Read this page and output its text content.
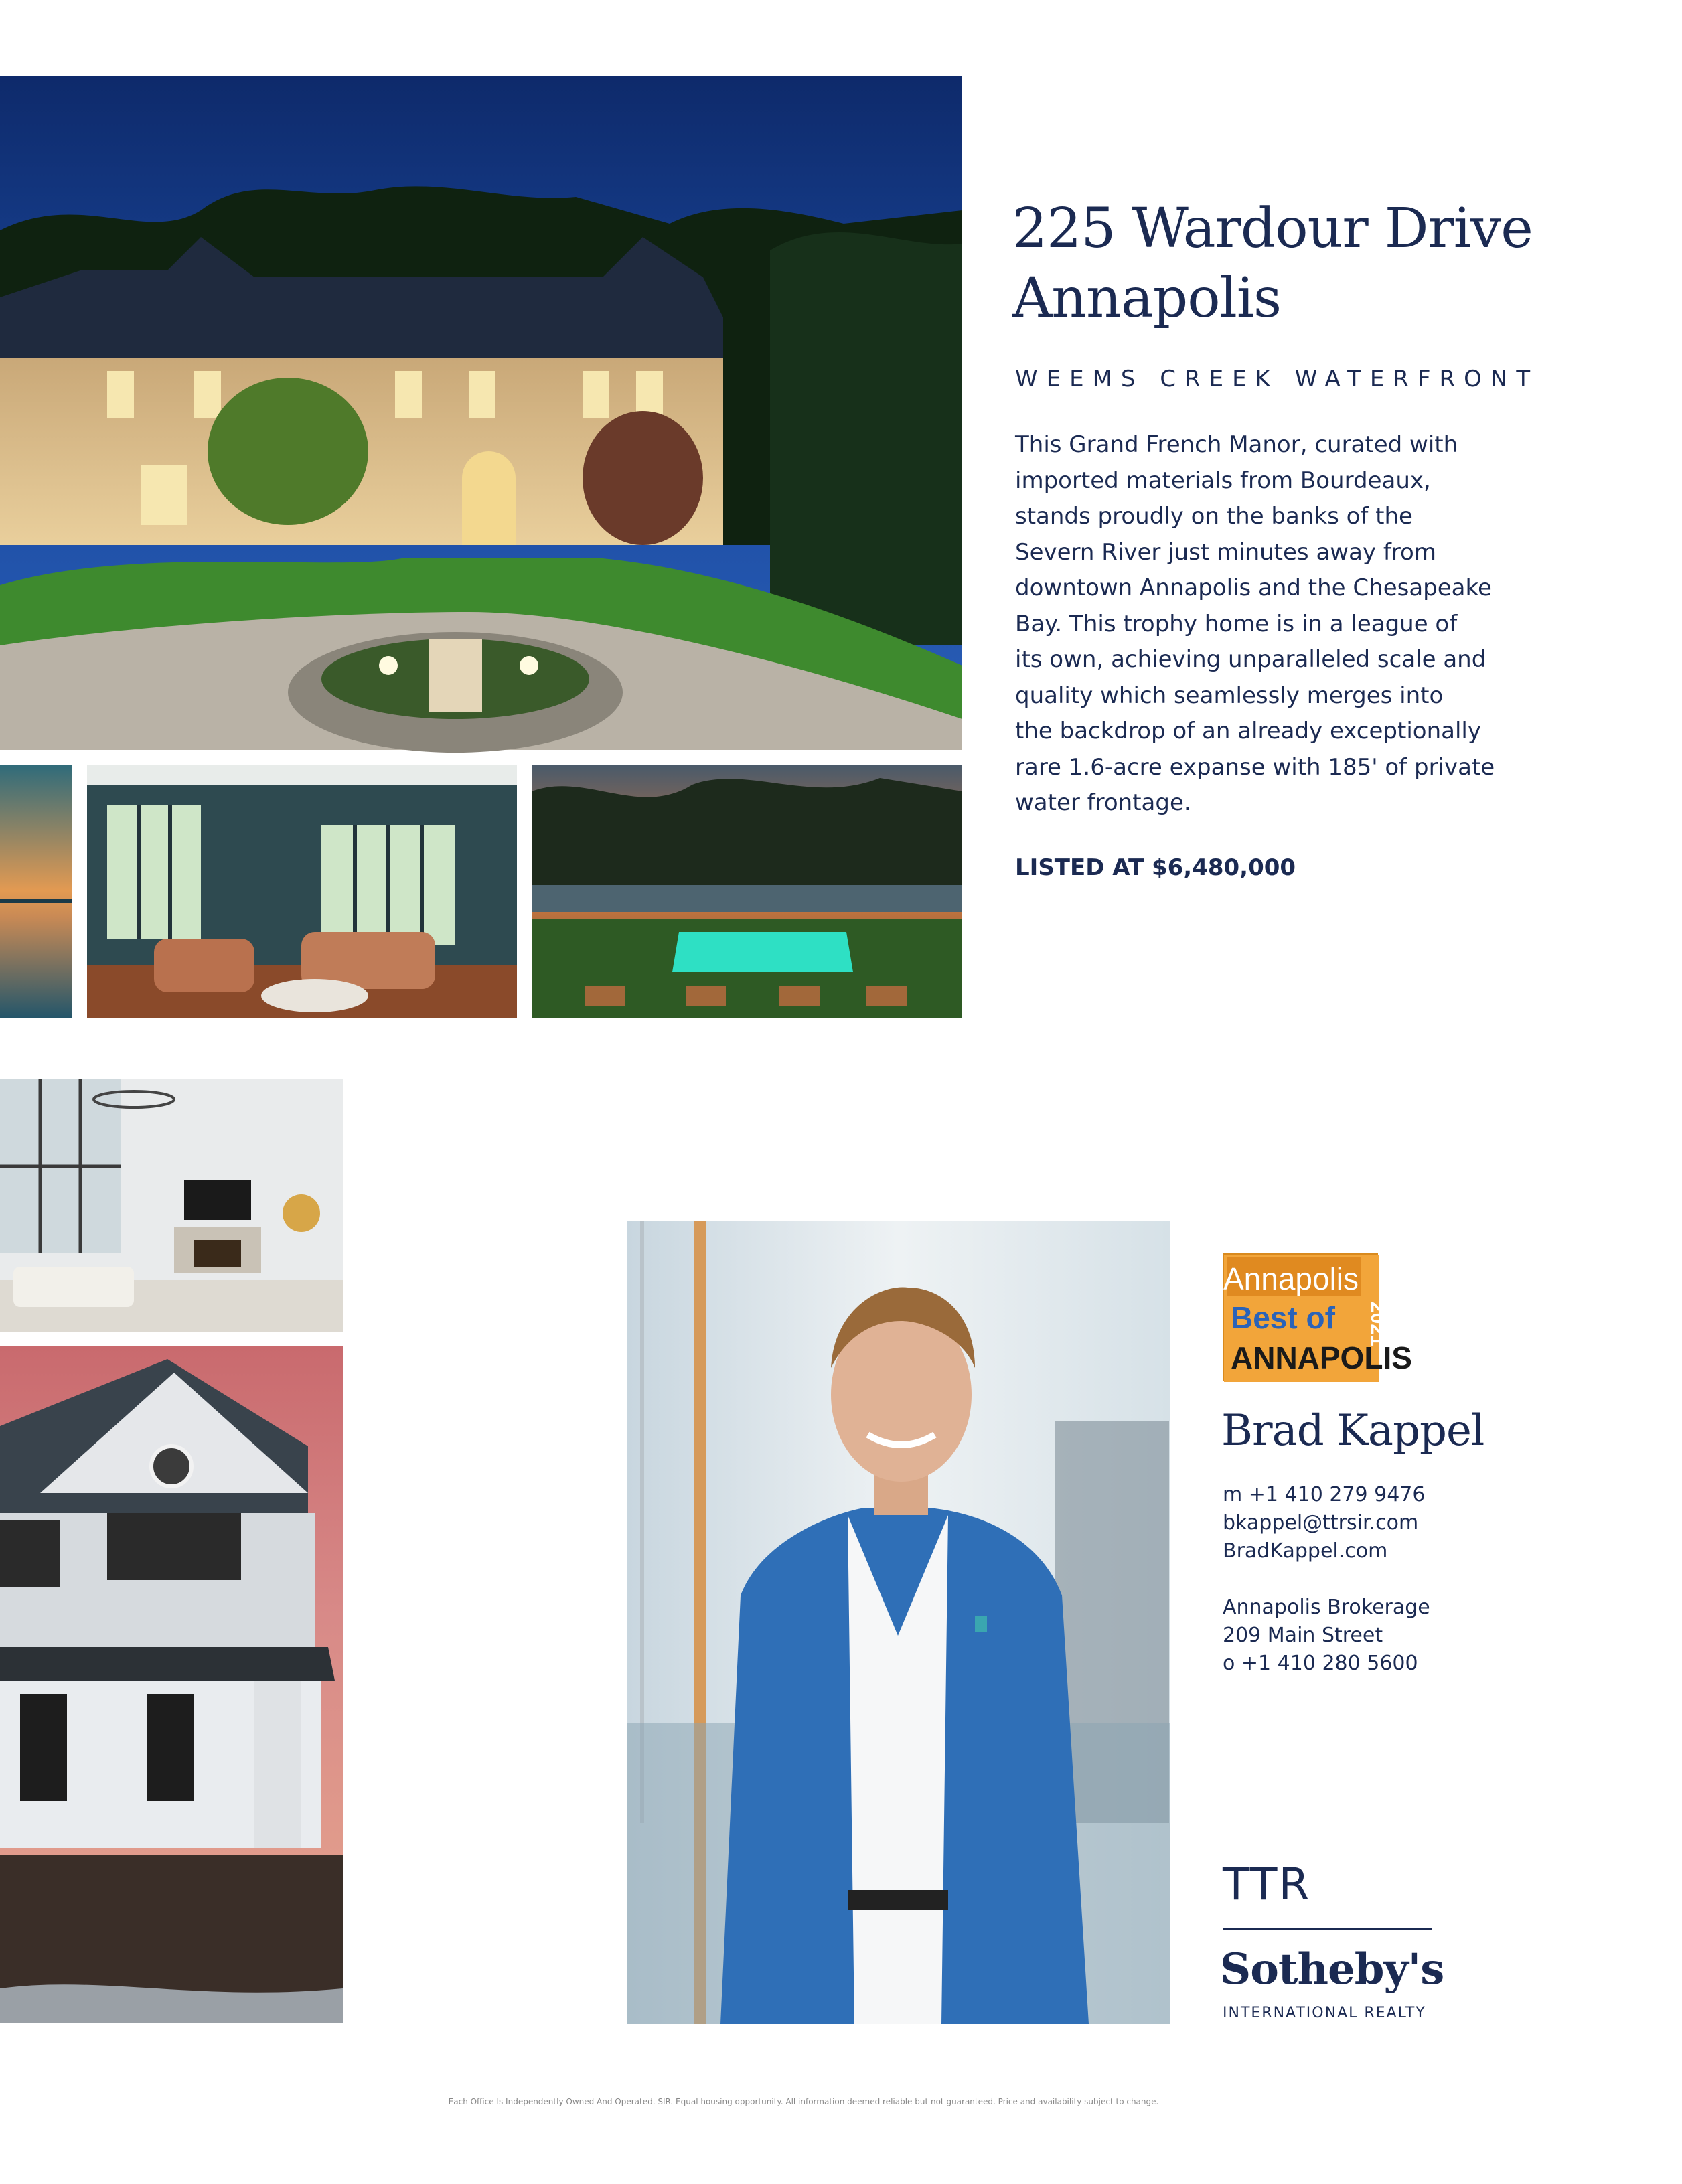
225 Wardour Drive
Annapolis
WEEMS CREEK WATERFRONT
This Grand French Manor, curated with
imported materials from Bourdeaux,
stands proudly on the banks of the
Severn River just minutes away from
downtown Annapolis and the Chesapeake
Bay. This trophy home is in a league of
its own, achieving unparalleled scale and
quality which seamlessly merges into
the backdrop of an already exceptionally
rare 1.6-acre expanse with 185' of private
water frontage.
LISTED AT $6,480,000
Annapolis
Best of
ANNAPOLIS
2021
Brad Kappel
m +1 410 279 9476
bkappel@ttrsir.com
BradKappel.com
Annapolis Brokerage
209 Main Street
o +1 410 280 5600
TTR
Sotheby's
INTERNATIONAL REALTY
Each Office Is Independently Owned And Operated. SIR. Equal housing opportunity. All information deemed reliable but not guaranteed. Price and availability subject to change.
